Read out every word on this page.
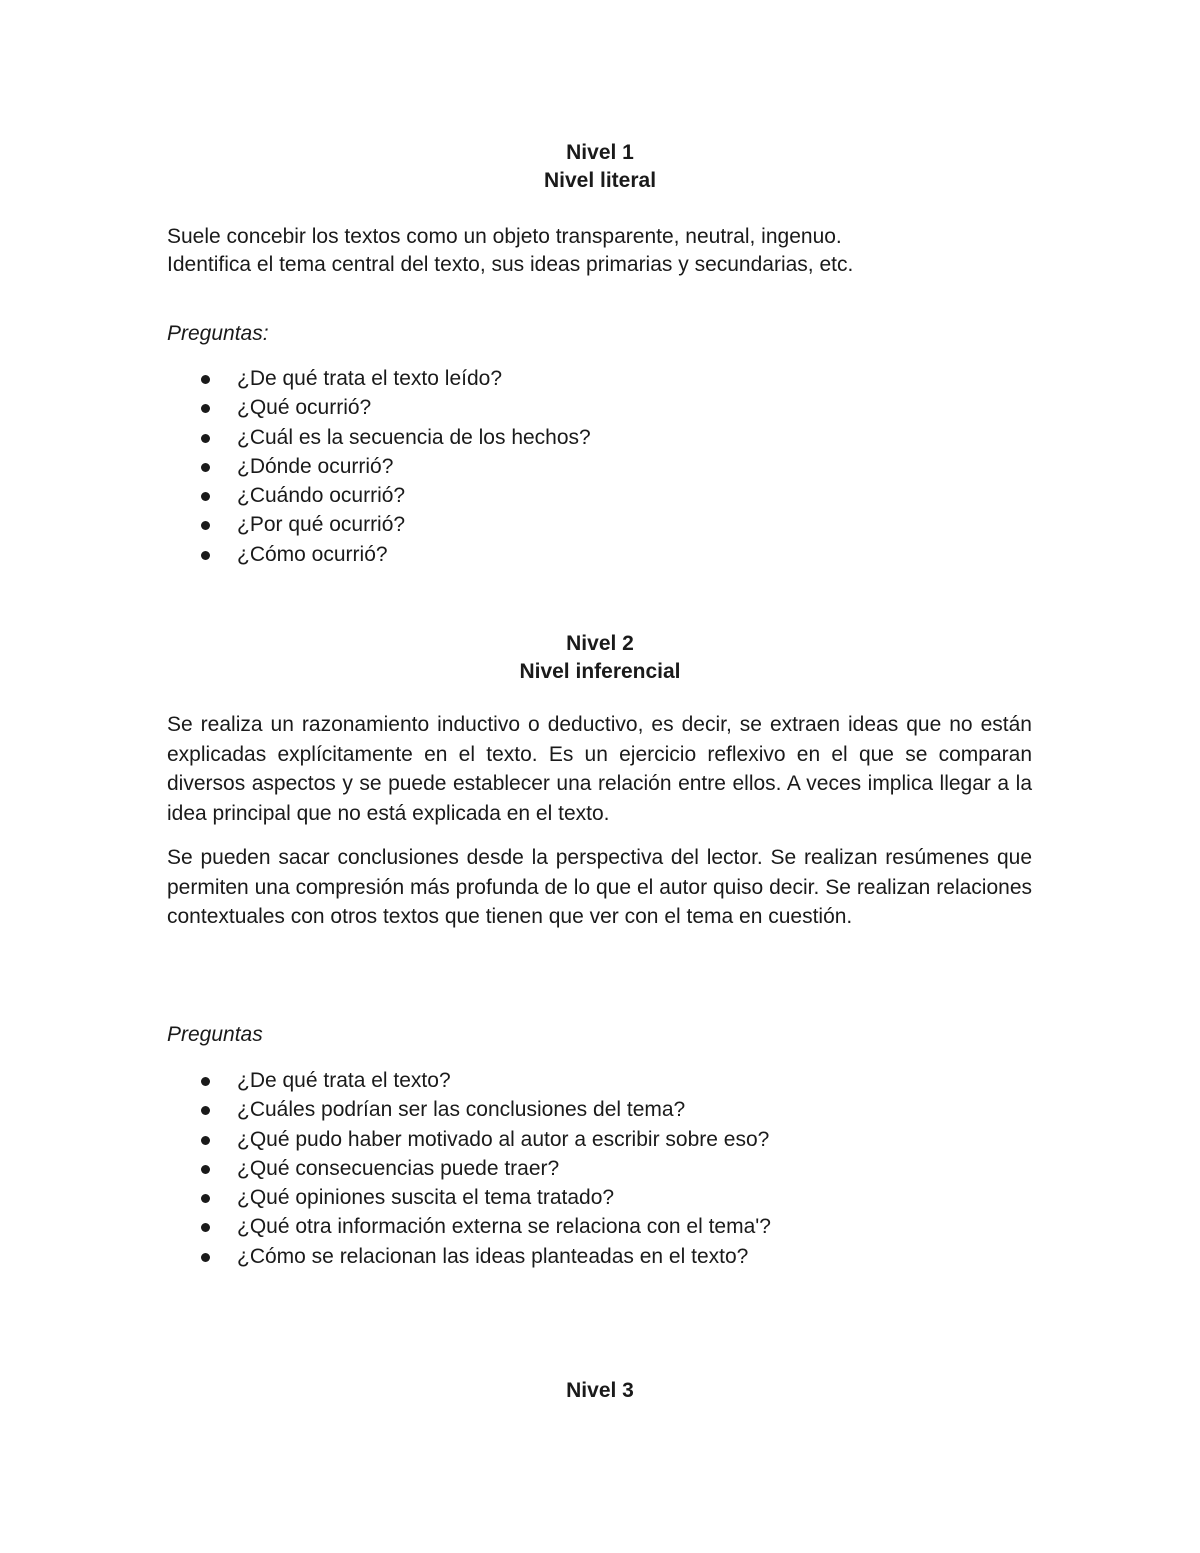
Nivel 1
Nivel literal

Suele concebir los textos como un objeto transparente, neutral, ingenuo.

Identifica el tema central del texto, sus ideas primarias y secundarias, etc.

Preguntas:

¿De qué trata el texto leído?
¿Qué ocurrió?
¿Cuál es la secuencia de los hechos?
¿Dónde ocurrió?
¿Cuándo ocurrió?
¿Por qué ocurrió?
¿Cómo ocurrió?
Nivel 2
Nivel inferencial

Se realiza un razonamiento inductivo o deductivo, es decir, se extraen ideas que no están explicadas explícitamente en el texto. Es un ejercicio reflexivo en el que se comparan diversos aspectos y se puede establecer una relación entre ellos. A veces implica llegar a la idea principal que no está explicada en el texto.

Se pueden sacar conclusiones desde la perspectiva del lector. Se realizan resúmenes que permiten una compresión más profunda de lo que el autor quiso decir. Se realizan relaciones contextuales con otros textos que tienen que ver con el tema en cuestión.

Preguntas

¿De qué trata el texto?
¿Cuáles podrían ser las conclusiones del tema?
¿Qué pudo haber motivado al autor a escribir sobre eso?
¿Qué consecuencias puede traer?
¿Qué opiniones suscita el tema tratado?
¿Qué otra información externa se relaciona con el tema'?
¿Cómo se relacionan las ideas planteadas en el texto?
Nivel 3
